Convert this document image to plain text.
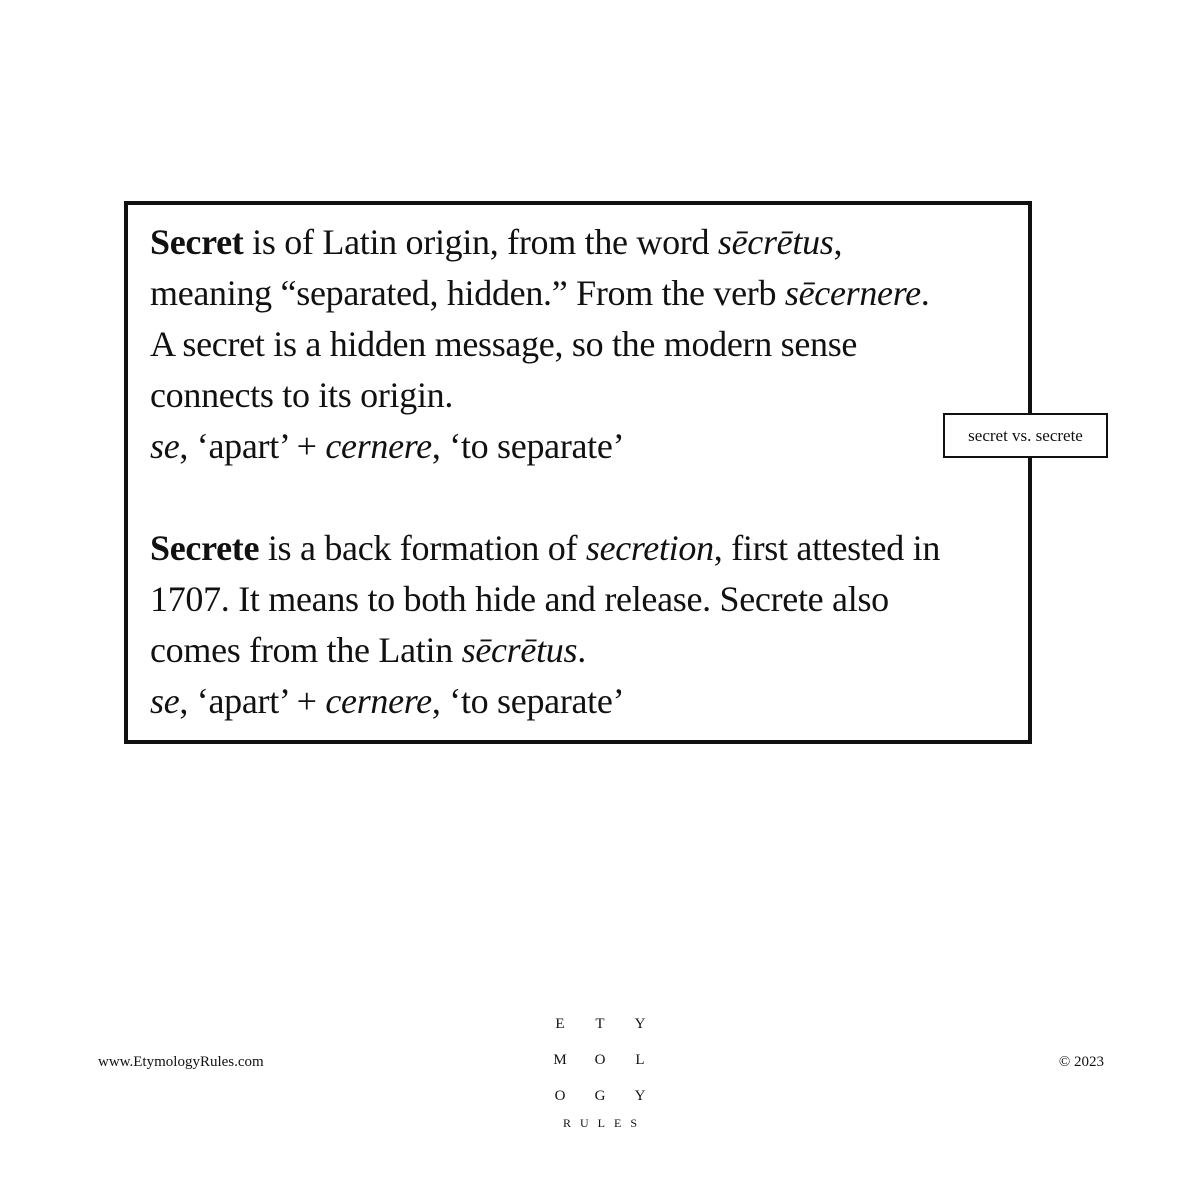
Secret is of Latin origin, from the word sēcrētus,
meaning “separated, hidden.” From the verb sēcernere.
A secret is a hidden message, so the modern sense
connects to its origin.
se, ‘apart’ + cernere, ‘to separate’

Secrete is a back formation of secretion, first attested in
1707. It means to both hide and release. Secrete also
comes from the Latin sēcrētus.
se, ‘apart’ + cernere, ‘to separate’

secret vs. secrete
www.EtymologyRules.com
E	T	Y
M	O	L
O	G	Y
RULES
© 2023
